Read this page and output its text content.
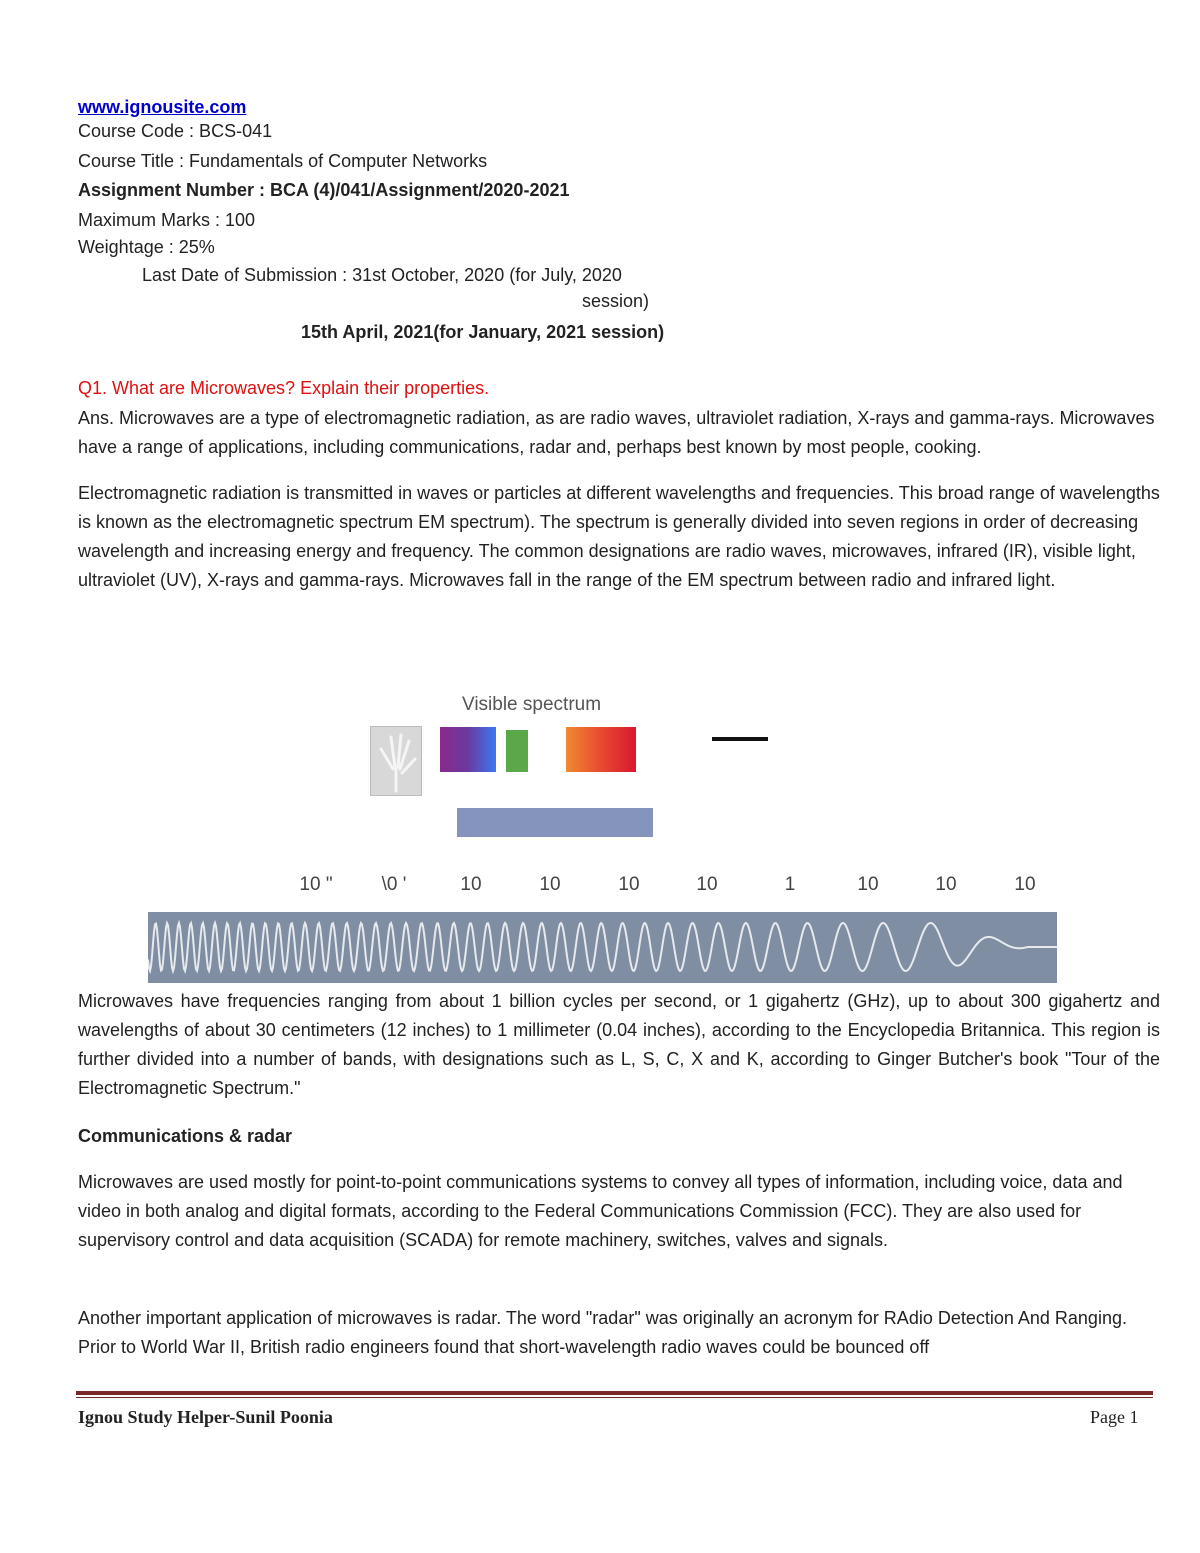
www.ignousite.com
Course Code : BCS-041
Course Title : Fundamentals of Computer Networks
Assignment Number : BCA (4)/041/Assignment/2020-2021
Maximum Marks : 100
Weightage : 25%
Last Date of Submission : 31st October, 2020 (for July, 2020
session)
15th April, 2021(for January, 2021 session)
Q1. What are Microwaves? Explain their properties.
Ans. Microwaves are a type of electromagnetic radiation, as are radio waves, ultraviolet radiation, X-rays and gamma-rays. Microwaves have a range of applications, including communications, radar and, perhaps best known by most people, cooking.
Electromagnetic radiation is transmitted in waves or particles at different wavelengths and frequencies. This broad range of wavelengths is known as the electromagnetic spectrum EM spectrum). The spectrum is generally divided into seven regions in order of decreasing wavelength and increasing energy and frequency. The common designations are radio waves, microwaves, infrared (IR), visible light, ultraviolet (UV), X-rays and gamma-rays. Microwaves fall in the range of the EM spectrum between radio and infrared light.
Visible spectrum
10 "	\0 '	10	10	10	10	1	10	10	10
Microwaves have frequencies ranging from about 1 billion cycles per second, or 1 gigahertz (GHz), up to about 300 gigahertz and wavelengths of about 30 centimeters (12 inches) to 1 millimeter (0.04 inches), according to the Encyclopedia Britannica. This region is further divided into a number of bands, with designations such as L, S, C, X and K, according to Ginger Butcher's book "Tour of the Electromagnetic Spectrum."
Communications & radar
Microwaves are used mostly for point-to-point communications systems to convey all types of information, including voice, data and video in both analog and digital formats, according to the Federal Communications Commission (FCC). They are also used for supervisory control and data acquisition (SCADA) for remote machinery, switches, valves and signals.
Another important application of microwaves is radar. The word "radar" was originally an acronym for RAdio Detection And Ranging. Prior to World War II, British radio engineers found that short-wavelength radio waves could be bounced off
Ignou Study Helper-Sunil Poonia	Page 1
